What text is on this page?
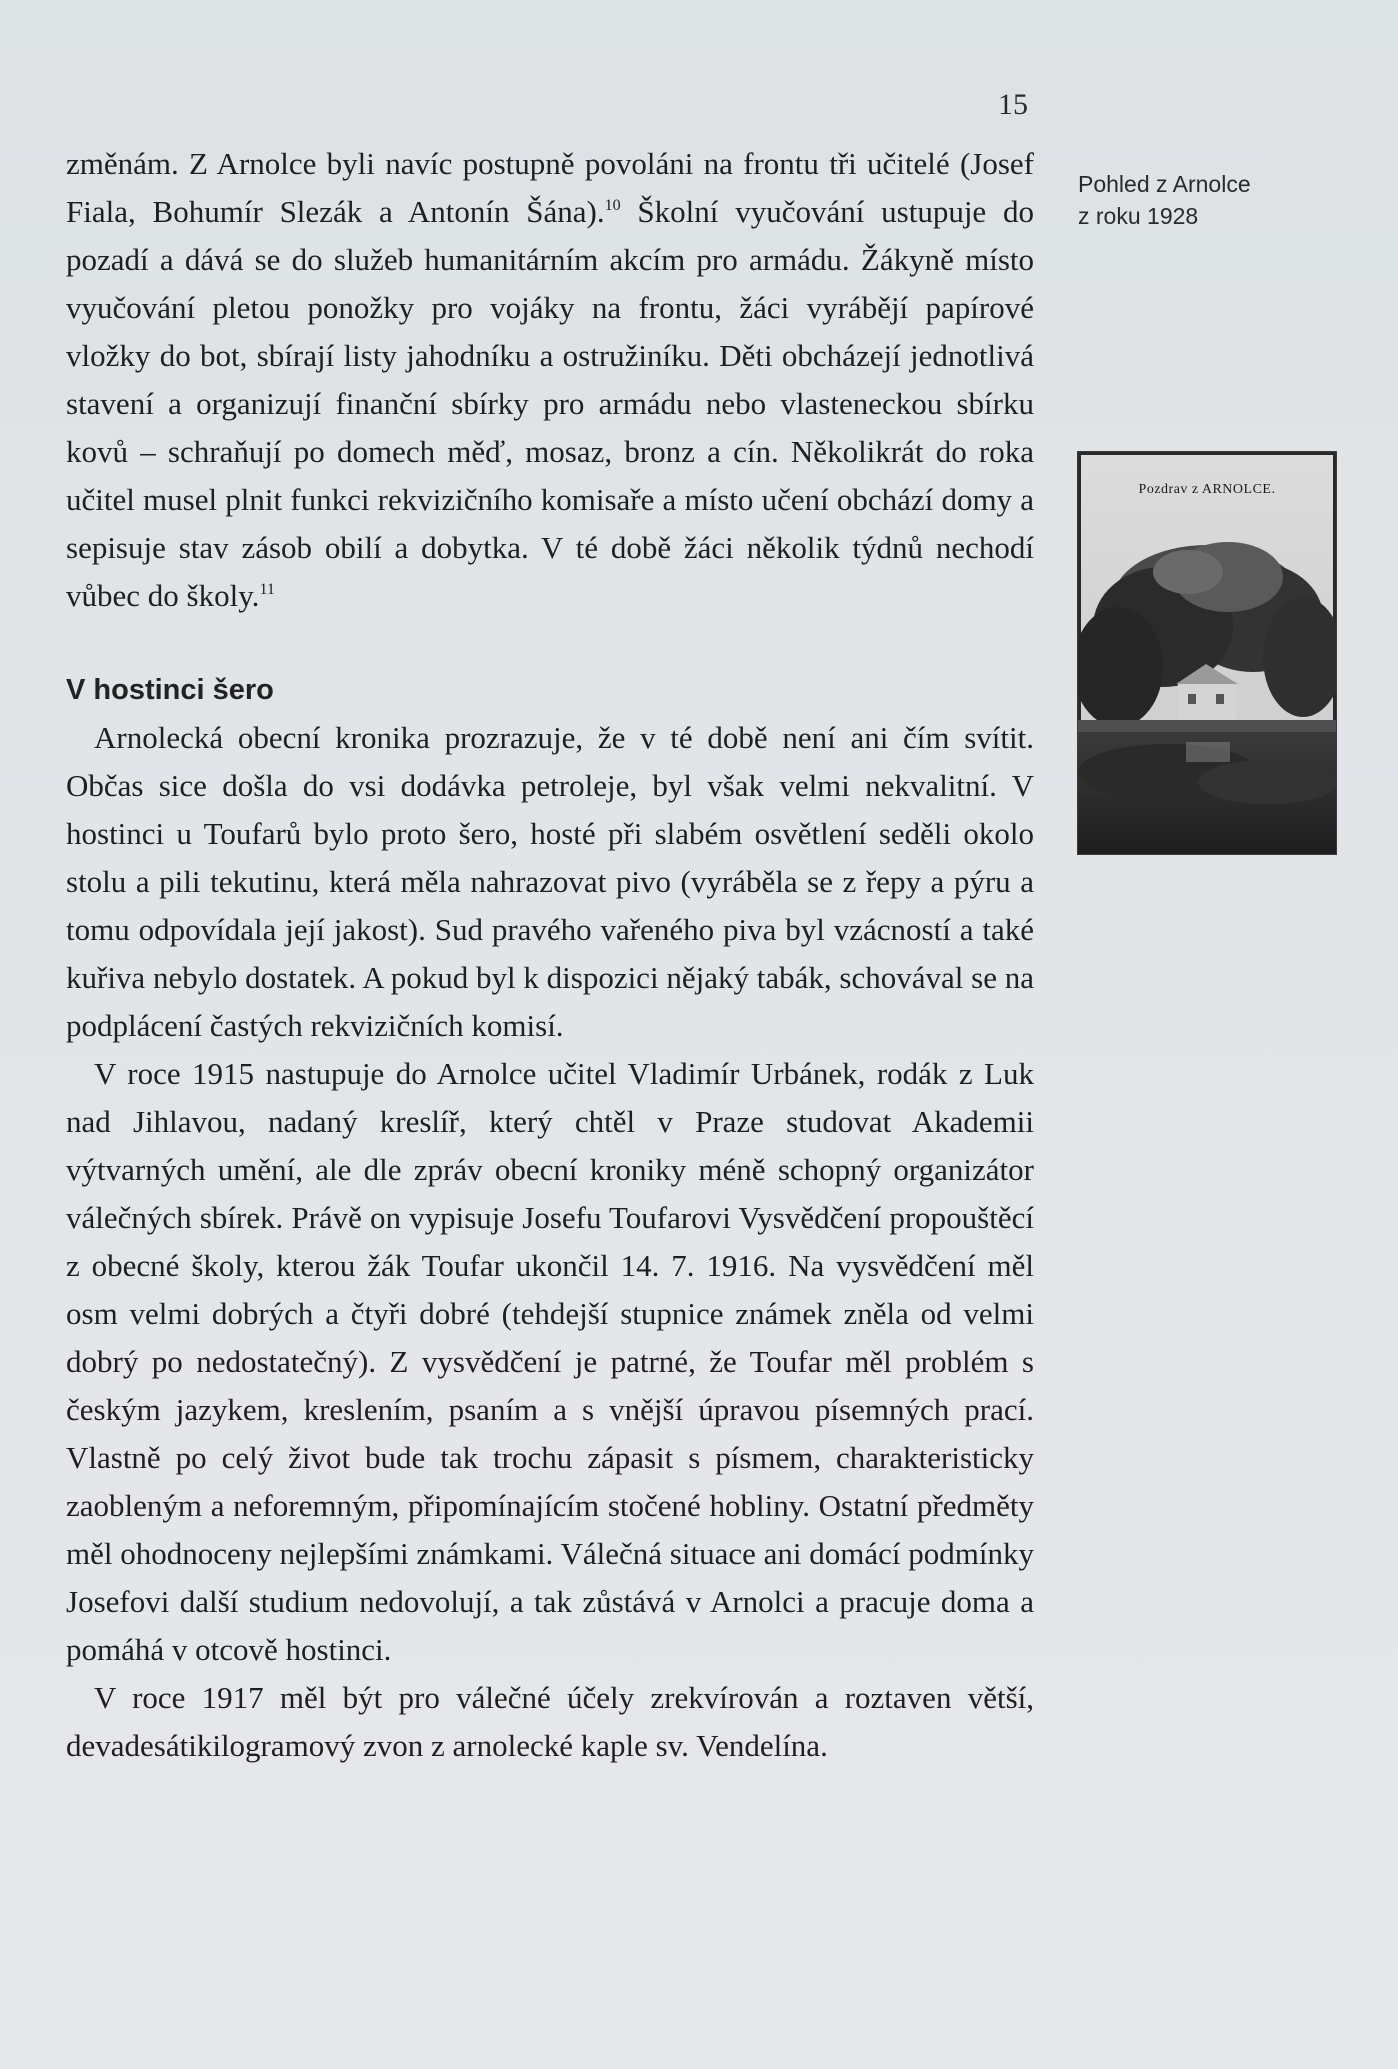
15

změnám. Z Arnolce byli navíc postupně povoláni na frontu tři učitelé (Josef Fiala, Bohumír Slezák a Antonín Šána).$^{10}$ Školní vyučování ustupuje do pozadí a dává se do služeb humanitárním akcím pro armádu. Žákyně místo vyučování pletou ponožky pro vojáky na frontu, žáci vyrábějí papírové vložky do bot, sbírají listy jahodníku a ostružiníku. Děti obcházejí jednotlivá stavení a organizují finanční sbírky pro armádu nebo vlasteneckou sbírku kovů – schraňují po domech měď, mosaz, bronz a cín. Několikrát do roka učitel musel plnit funkci rekvizičního komisaře a místo učení obchází domy a sepisuje stav zásob obilí a dobytka. V té době žáci několik týdnů nechodí vůbec do školy.$^{11}$

V hostinci šero

Arnolecká obecní kronika prozrazuje, že v té době není ani čím svítit. Občas sice došla do vsi dodávka petroleje, byl však velmi nekvalitní. V hostinci u Toufarů bylo proto šero, hosté při slabém osvětlení seděli okolo stolu a pili tekutinu, která měla nahrazovat pivo (vyráběla se z řepy a pýru a tomu odpovídala její jakost). Sud pravého vařeného piva byl vzácností a také kuřiva nebylo dostatek. A pokud byl k dispozici nějaký tabák, schovával se na podplácení častých rekvizičních komisí.

V roce 1915 nastupuje do Arnolce učitel Vladimír Urbánek, rodák z Luk nad Jihlavou, nadaný kreslíř, který chtěl v Praze studovat Akademii výtvarných umění, ale dle zpráv obecní kroniky méně schopný organizátor válečných sbírek. Právě on vypisuje Josefu Toufarovi Vysvědčení propouštěcí z obecné školy, kterou žák Toufar ukončil 14. 7. 1916. Na vysvědčení měl osm velmi dobrých a čtyři dobré (tehdejší stupnice známek zněla od velmi dobrý po nedostatečný). Z vysvědčení je patrné, že Toufar měl problém s českým jazykem, kreslením, psaním a s vnější úpravou písemných prací. Vlastně po celý život bude tak trochu zápasit s písmem, charakteristicky zaobleným a neforemným, připomínajícím stočené hobliny. Ostatní předměty měl ohodnoceny nejlepšími známkami. Válečná situace ani domácí podmínky Josefovi další studium nedovolují, a tak zůstává v Arnolci a pracuje doma a pomáhá v otcově hostinci.

V roce 1917 měl být pro válečné účely zrekvírován a roztaven větší, devadesátikilogramový zvon z arnolecké kaple sv. Vendelína.

Pohled z Arnolce
z roku 1928
Pozdrav z ARNOLCE.
